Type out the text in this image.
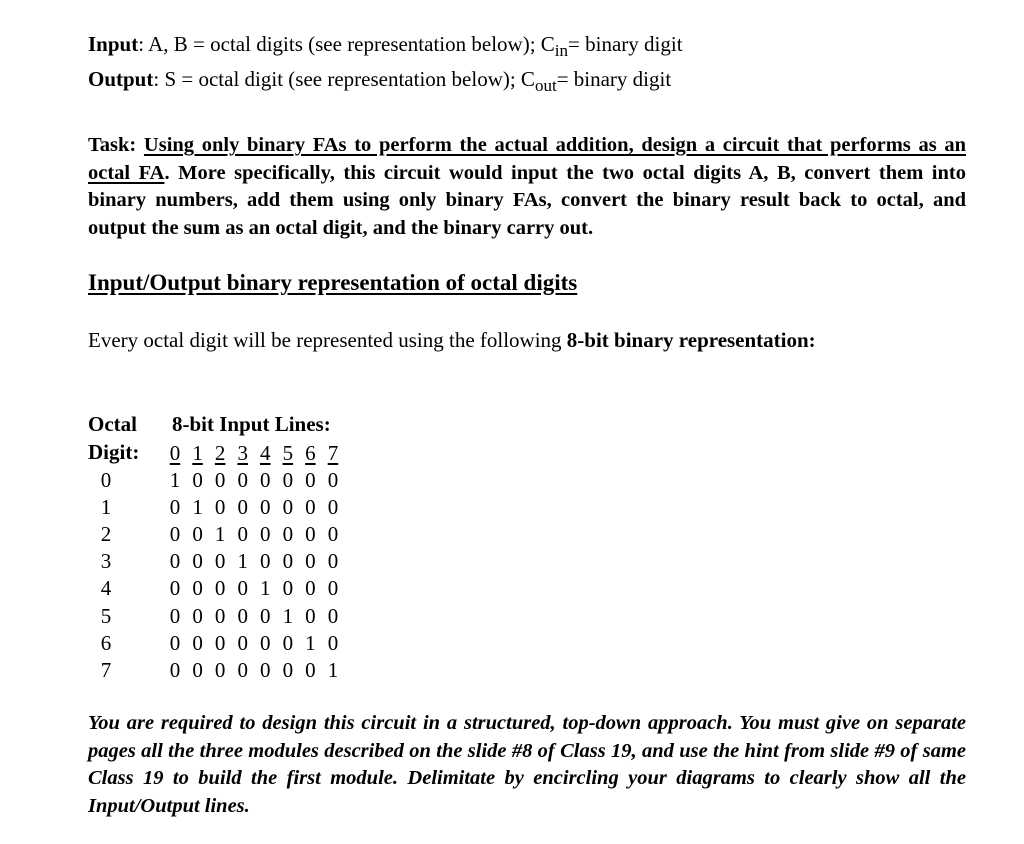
Input: A, B = octal digits (see representation below); $C_{in}=$ binary digit
Output: S = octal digit (see representation below); $C_{out}=$ binary digit
Task: Using only binary FAs to perform the actual addition, design a circuit that performs as an octal FA. More specifically, this circuit would input the two octal digits A, B, convert them into binary numbers, add them using only binary FAs, convert the binary result back to octal, and output the sum as an octal digit, and the binary carry out.
Input/Output binary representation of octal digits
Every octal digit will be represented using the following 8-bit binary representation:
Octal 8-bit Input Lines:
Digit: 0 1 2 3 4 5 6 7
0	1 0 0 0 0 0 0 0
1	0 1 0 0 0 0 0 0
2	0 0 1 0 0 0 0 0
3	0 0 0 1 0 0 0 0
4	0 0 0 0 1 0 0 0
5	0 0 0 0 0 1 0 0
6	0 0 0 0 0 0 1 0
7	0 0 0 0 0 0 0 1
You are required to design this circuit in a structured, top-down approach. You must give on separate pages all the three modules described on the slide #8 of Class 19, and use the hint from slide #9 of same Class 19 to build the first module. Delimitate by encircling your diagrams to clearly show all the Input/Output lines.
